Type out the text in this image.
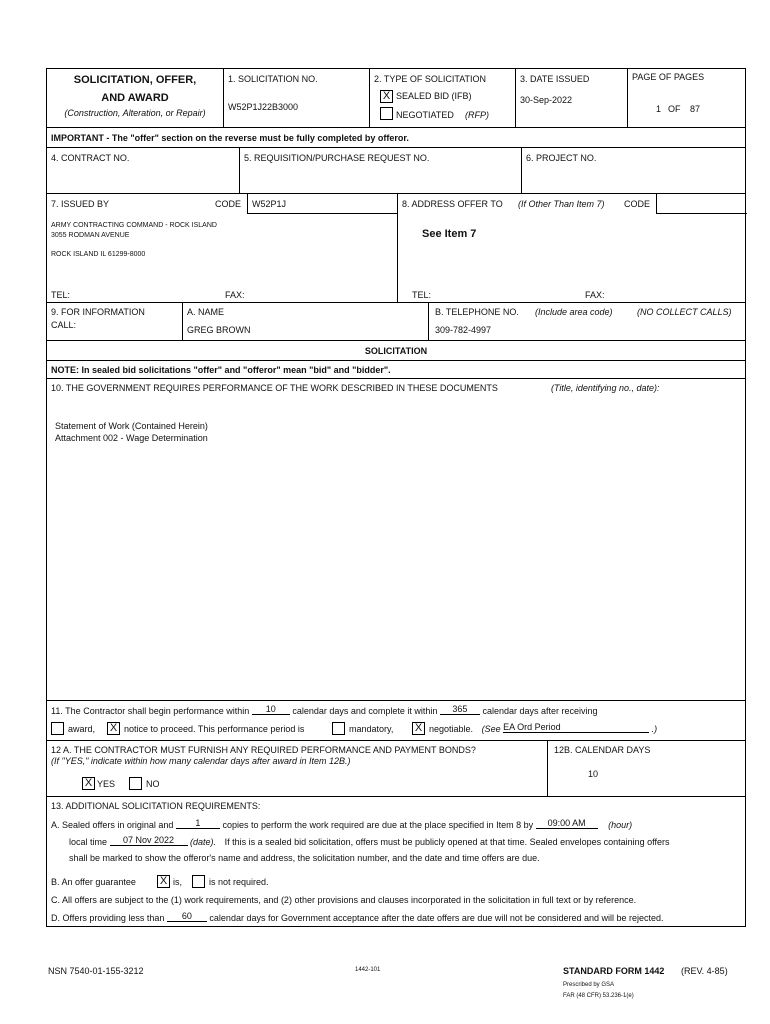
SOLICITATION, OFFER,
AND AWARD
(Construction, Alteration, or Repair)
1. SOLICITATION NO.
W52P1J22B3000
2. TYPE OF SOLICITATION
X SEALED BID (IFB)
NEGOTIATED (RFP)
3. DATE ISSUED
30-Sep-2022
PAGE OF PAGES
1 OF 87
IMPORTANT - The "offer" section on the reverse must be fully completed by offeror.
4. CONTRACT NO.	5. REQUISITION/PURCHASE REQUEST NO.	6. PROJECT NO.
7. ISSUED BY	CODE W52P1J
ARMY CONTRACTING COMMAND - ROCK ISLAND
3055 RODMAN AVENUE
ROCK ISLAND IL 61299-8000
TEL:	FAX:
8. ADDRESS OFFER TO (If Other Than Item 7) CODE
See Item 7
TEL:	FAX:
9. FOR INFORMATION
CALL:
A. NAME
GREG BROWN
B. TELEPHONE NO. (Include area code)	(NO COLLECT CALLS)
309-782-4997
SOLICITATION
NOTE: In sealed bid solicitations "offer" and "offeror" mean "bid" and "bidder".
10. THE GOVERNMENT REQUIRES PERFORMANCE OF THE WORK DESCRIBED IN THESE DOCUMENTS	(Title, identifying no., date):
Statement of Work (Contained Herein)
Attachment 002 - Wage Determination
11. The Contractor shall begin performance within 10 calendar days and complete it within 365 calendar days after receiving
award, X notice to proceed. This performance period is	mandatory, X negotiable. (See EA Ord Period	.)
12 A. THE CONTRACTOR MUST FURNISH ANY REQUIRED PERFORMANCE AND PAYMENT BONDS?
(If "YES," indicate within how many calendar days after award in Item 12B.)
X YES	NO
12B. CALENDAR DAYS
10
13. ADDITIONAL SOLICITATION REQUIREMENTS:
A. Sealed offers in original and 1 copies to perform the work required are due at the place specified in Item 8 by 09:00 AM	(hour)
local time 07 Nov 2022 (date). If this is a sealed bid solicitation, offers must be publicly opened at that time. Sealed envelopes containing offers
shall be marked to show the offeror's name and address, the solicitation number, and the date and time offers are due.
B. An offer guarantee X is,	is not required.
C. All offers are subject to the (1) work requirements, and (2) other provisions and clauses incorporated in the solicitation in full text or by reference.
D. Offers providing less than 60 calendar days for Government acceptance after the date offers are due will not be considered and will be rejected.
NSN 7540-01-155-3212	1442-101	STANDARD FORM 1442 (REV. 4-85)
Prescribed by GSA
FAR (48 CFR) 53.236-1(e)
